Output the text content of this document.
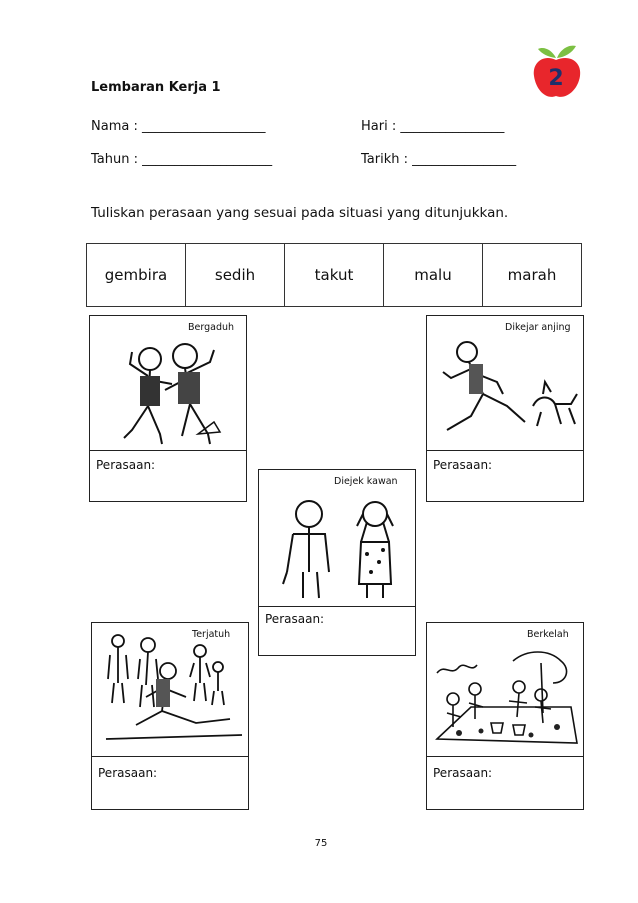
Lembaran Kerja 1	2
Nama : ___________________	Hari : ________________
Tahun : ____________________	Tarikh : ________________
Tuliskan perasaan yang sesuai pada situasi yang ditunjukkan.
gembira	sedih	takut	malu	marah
Bergaduh
Perasaan:
Dikejar anjing
Perasaan:
Diejek kawan
Perasaan:
Terjatuh
Perasaan:
Berkelah
Perasaan:
75
